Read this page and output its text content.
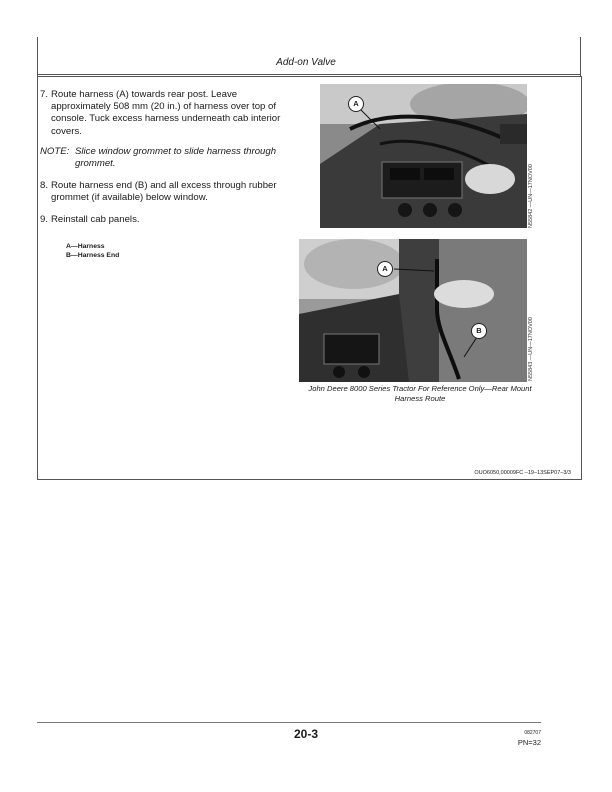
Add-on Valve
7. Route harness (A) towards rear post. Leave approximately 508 mm (20 in.) of harness over top of console. Tuck excess harness underneath cab interior covers.
NOTE: Slice window grommet to slide harness through grommet.
8. Route harness end (B) and all excess through rubber grommet (if available) below window.
9. Reinstall cab panels.
A—Harness
B—Harness End
A
N55842 —UN—17NOV00
A
B	N55843 —UN—17NOV00
John Deere 8000 Series Tractor For Reference Only—Rear Mount Harness Route
OUO6050,00009FC –19–13SEP07–3/3
20-3	082707
PN=32
